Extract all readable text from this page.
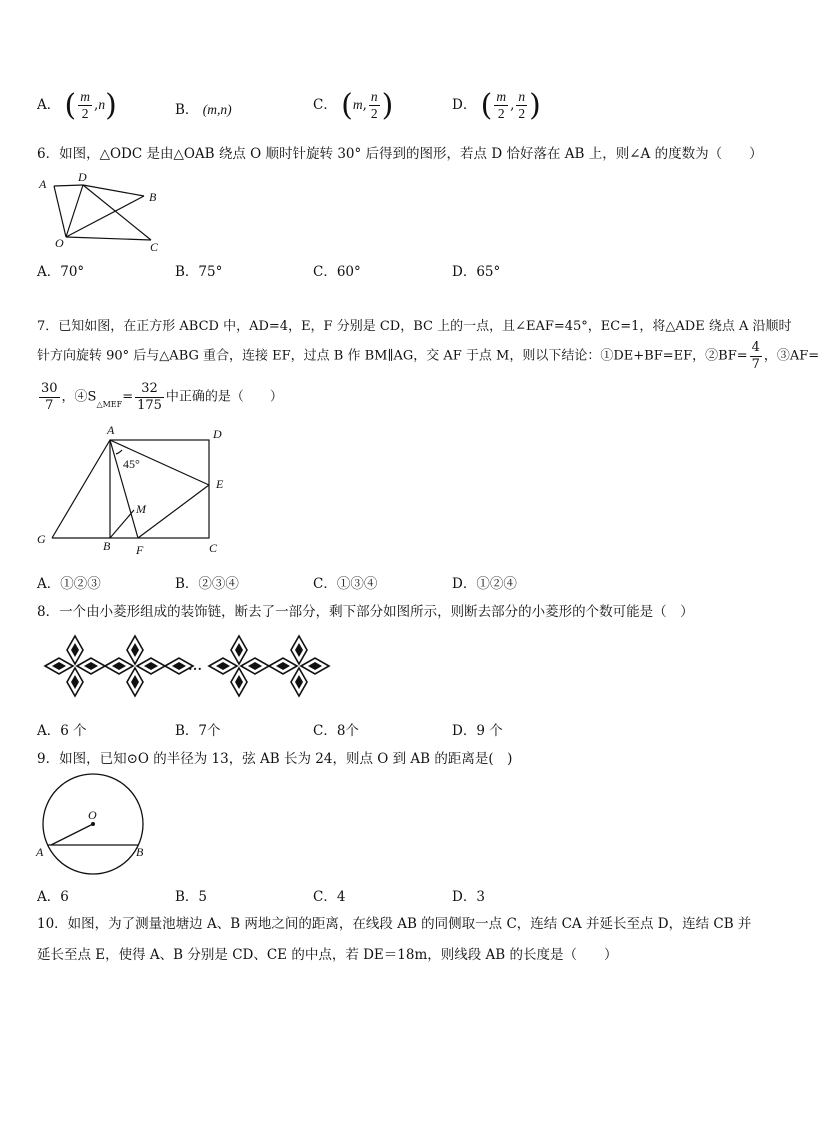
A． ( $\frac{m}{2} ,n$)	B． (m,n)	C． (m, $\frac{n}{2}$ )	D． ( $\frac{m}{2}$ , $\frac{n}{2}$ )
6．如图，△ODC 是由△OAB 绕点 O 顺时针旋转 30° 后得到的图形，若点 D 恰好落在 AB 上，则∠A 的度数为（　　）
A	D
B
O	C
A．70°	B．75°	C．60°	D．65°
7．已知如图，在正方形 ABCD 中，AD=4，E，F 分别是 CD，BC 上的一点，且∠EAF=45°，EC=1，将△ADE 绕点 A 沿顺时
针方向旋转 90° 后与△ABG 重合，连接 EF，过点 B 作 BM∥AG，交 AF 于点 M，则以下结论：①DE+BF=EF，②BF= $\frac{4}{7}$ ，③AF=
$\frac{30}{7}$ ，$④S_{\triangle MEF}= \frac{32}{175}$ 中正确的是（　　）
A	D
E
M
G	B F	C
45°
A．①②③	B．②③④	C．①③④	D．①②④
8．一个由小菱形组成的装饰链，断去了一部分，剩下部分如图所示，则断去部分的小菱形的个数可能是（　）
…
A．6 个	B．7个	C．8个	D．9 个
9．如图，已知⊙O 的半径为 13，弦 AB 长为 24，则点 O 到 AB 的距离是(　)
O
A	B
A．6	B．5	C．4	D．3
10．如图，为了测量池塘边 A、B 两地之间的距离，在线段 AB 的同侧取一点 C，连结 CA 并延长至点 D，连结 CB 并
延长至点 E，使得 A、B 分别是 CD、CE 的中点，若 DE＝18m，则线段 AB 的长度是（　　）
